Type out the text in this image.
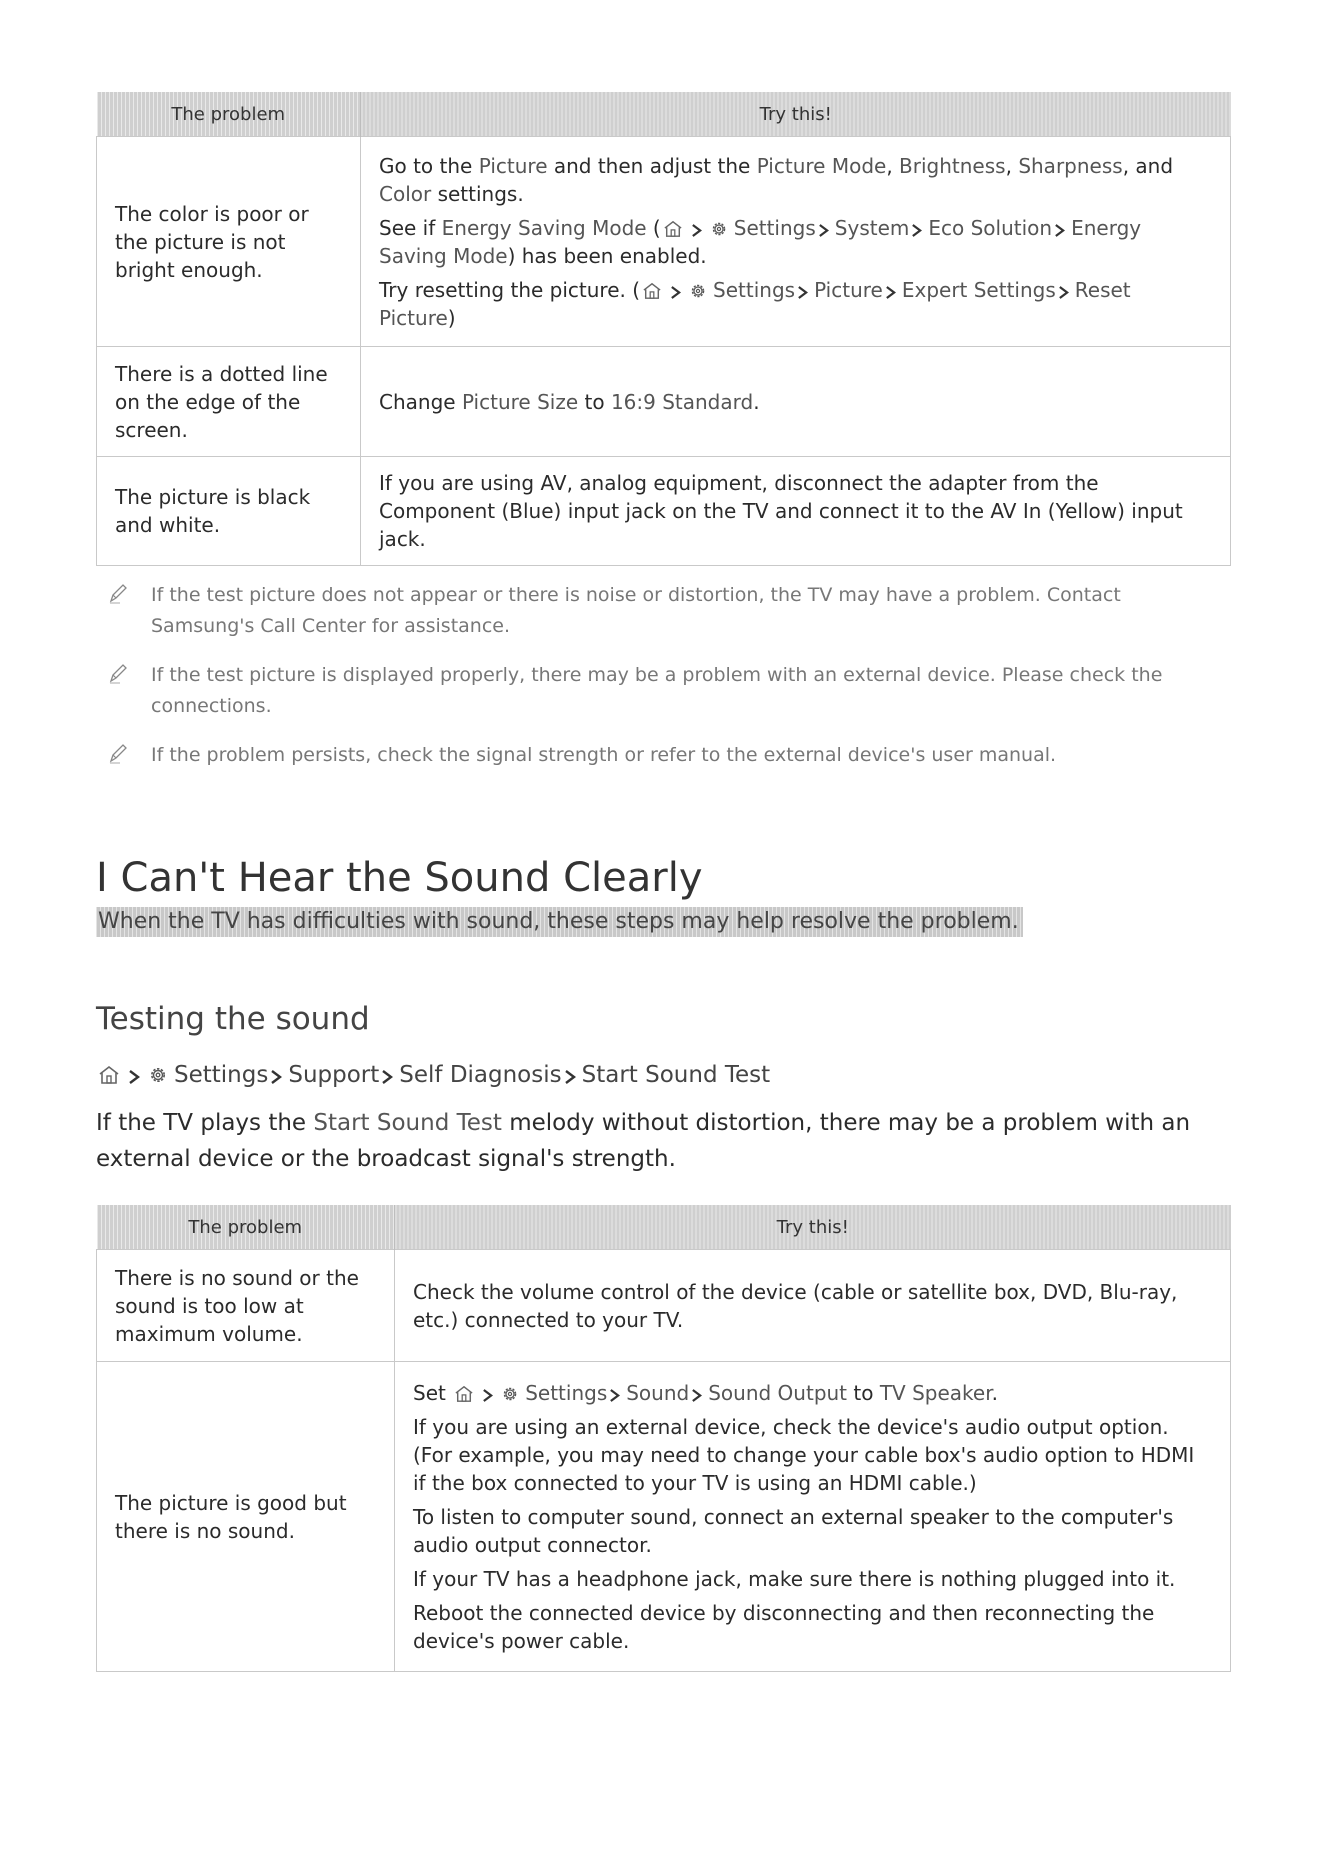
The problem	Try this!
The color is poor or the picture is not bright enough.	Go to the Picture and then adjust the Picture Mode, Brightness, Sharpness, and Color settings.

See if Energy Saving Mode ( Settings System Eco Solution Energy Saving Mode) has been enabled.

Try resetting the picture. ( Settings Picture Expert Settings Reset Picture)

There is a dotted line on the edge of the screen.	Change Picture Size to 16:9 Standard.

The picture is black and white.	If you are using AV, analog equipment, disconnect the adapter from the Component (Blue) input jack on the TV and connect it to the AV In (Yellow) input jack.

If the test picture does not appear or there is noise or distortion, the TV may have a problem. Contact Samsung's Call Center for assistance.
If the test picture is displayed properly, there may be a problem with an external device. Please check the connections.
If the problem persists, check the signal strength or refer to the external device's user manual.
I Can't Hear the Sound Clearly
When the TV has difficulties with sound, these steps may help resolve the problem.
Testing the sound
Settings Support Self Diagnosis Start Sound Test
If the TV plays the Start Sound Test melody without distortion, there may be a problem with an external device or the broadcast signal's strength.
The problem	Try this!
There is no sound or the sound is too low at maximum volume.	Check the volume control of the device (cable or satellite box, DVD, Blu-ray, etc.) connected to your TV.

The picture is good but there is no sound.	Set Settings Sound Sound Output to TV Speaker.

If you are using an external device, check the device's audio output option. (For example, you may need to change your cable box's audio option to HDMI if the box connected to your TV is using an HDMI cable.)

To listen to computer sound, connect an external speaker to the computer's audio output connector.

If your TV has a headphone jack, make sure there is nothing plugged into it.

Reboot the connected device by disconnecting and then reconnecting the device's power cable.
